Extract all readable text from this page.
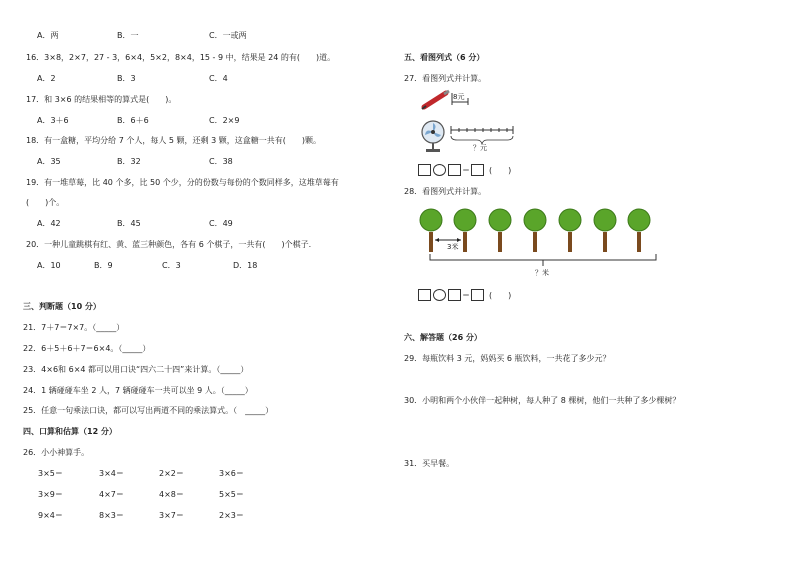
A．两	B．一	C．一或两
16．3×8，2×7，27 - 3，6×4，5×2，8×4，15 - 9 中，结果是 24 的有(　　)道。
A．2	B．3	C．4
17．和 3×6 的结果相等的算式是(　　)。
A．3＋6	B．6＋6	C．2×9
18．有一盒糖，平均分给 7 个人，每人 5 颗，还剩 3 颗，这盒糖一共有(　　)颗。
A．35	B．32	C．38
19．有一堆草莓，比 40 个多，比 50 个少，分的份数与每份的个数同样多，这堆草莓有
(　　)个。
A．42	B．45	C．49
20．一种儿童跳棋有红、黄、蓝三种颜色，各有 6 个棋子，一共有(　　)个棋子.
A．10	B．9	C．3	D．18
三、判断题（10 分）
21．7＋7＝7×7。（_____）
22．6＋5＋6＋7＝6×4。（_____）
23．4×6和 6×4 都可以用口诀“四六二十四”来计算。（_____）
24．1 辆碰碰车坐 2 人，7 辆碰碰车一共可以坐 9 人。（_____）
25．任意一句乘法口诀，都可以写出两道不同的乘法算式。（　_____）
四、口算和估算（12 分）
26．小小神算手。
3×5＝	3×4＝	2×2＝	3×6＝
3×9＝	4×7＝	4×8＝	5×5＝
9×4＝	8×3＝	3×7＝	2×3＝
五、看图列式（6 分）
27．看图列式并计算。
8元
？元
＝ (　　)
28．看图列式并计算。
3米
？米
＝ (　　)
六、解答题（26 分）
29．每瓶饮料 3 元，妈妈买 6 瓶饮料，一共花了多少元？
30．小明和两个小伙伴一起种树，每人种了 8 棵树，他们一共种了多少棵树？
31．买早餐。
